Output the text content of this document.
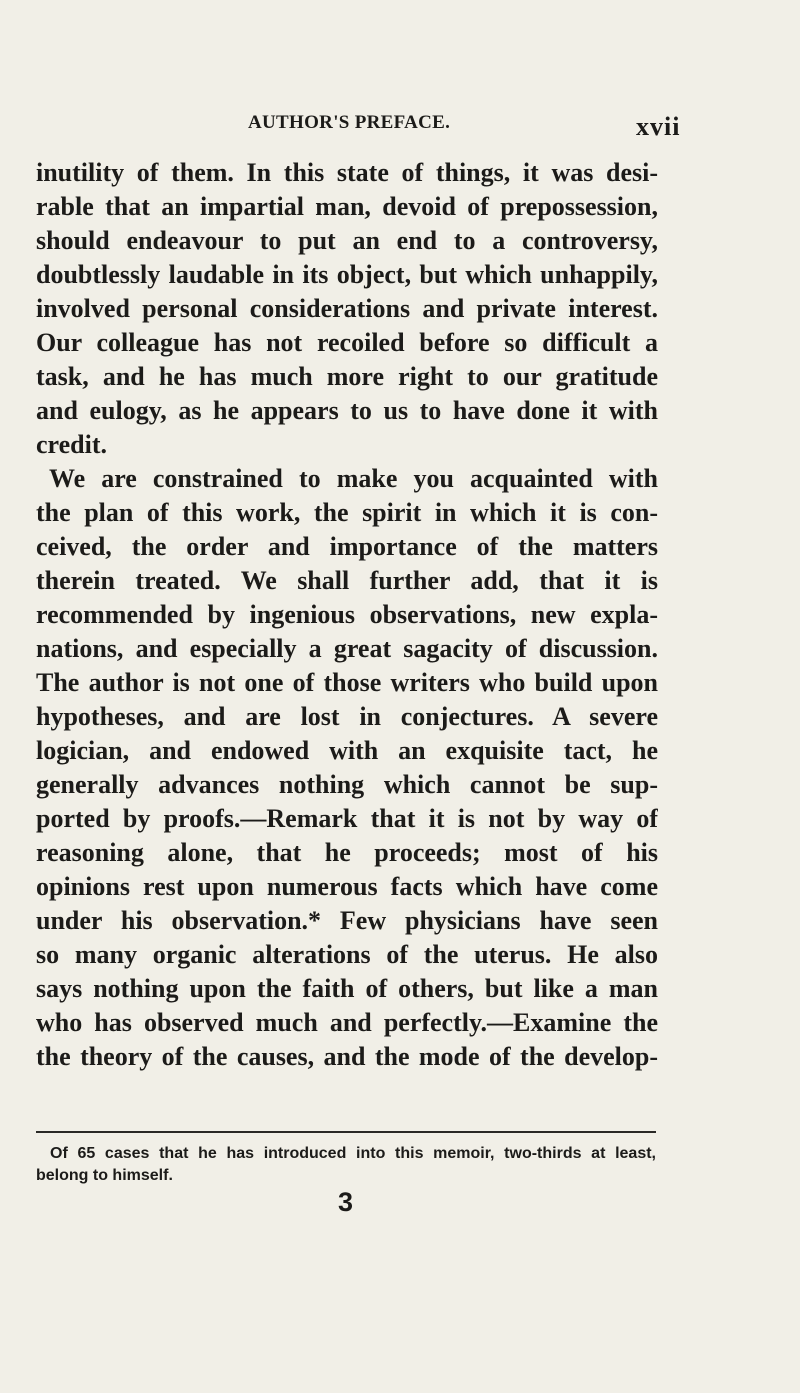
AUTHOR'S PREFACE.	xvii
inutility of them. In this state of things, it was desi-
rable that an impartial man, devoid of prepossession,
should endeavour to put an end to a controversy,
doubtlessly laudable in its object, but which unhappily,
involved personal considerations and private interest.
Our colleague has not recoiled before so difficult a
task, and he has much more right to our gratitude
and eulogy, as he appears to us to have done it with
credit.
We are constrained to make you acquainted with
the plan of this work, the spirit in which it is con-
ceived, the order and importance of the matters
therein treated. We shall further add, that it is
recommended by ingenious observations, new expla-
nations, and especially a great sagacity of discussion.
The author is not one of those writers who build upon
hypotheses, and are lost in conjectures. A severe
logician, and endowed with an exquisite tact, he
generally advances nothing which cannot be sup-
ported by proofs.—Remark that it is not by way of
reasoning alone, that he proceeds; most of his
opinions rest upon numerous facts which have come
under his observation.* Few physicians have seen
so many organic alterations of the uterus. He also
says nothing upon the faith of others, but like a man
who has observed much and perfectly.—Examine the
the theory of the causes, and the mode of the develop-
Of 65 cases that he has introduced into this memoir, two-thirds at least,
belong to himself.
3
